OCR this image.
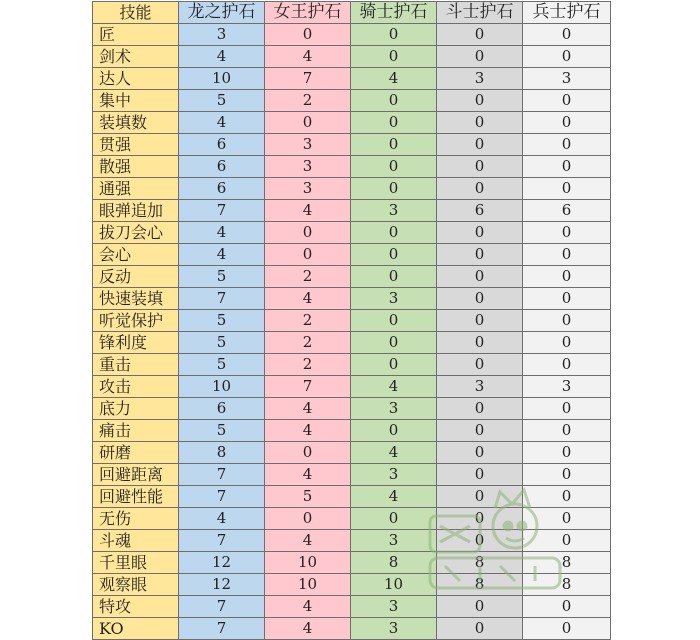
技能	龙之护石	女王护石	骑士护石	斗士护石	兵士护石
匠	3	0	0	0	0
剑术	4	4	0	0	0
达人	10	7	4	3	3
集中	5	2	0	0	0
装填数	4	0	0	0	0
贯强	6	3	0	0	0
散强	6	3	0	0	0
通强	6	3	0	0	0
眼弹追加	7	4	3	6	6
拔刀会心	4	0	0	0	0
会心	4	0	0	0	0
反动	5	2	0	0	0
快速装填	7	4	3	0	0
听觉保护	5	2	0	0	0
锋利度	5	2	0	0	0
重击	5	2	0	0	0
攻击	10	7	4	3	3
底力	6	4	3	0	0
痛击	5	4	0	0	0
研磨	8	0	4	0	0
回避距离	7	4	3	0	0
回避性能	7	5	4	0	0
无伤	4	0	0	0	0
斗魂	7	4	3	0	0
千里眼	12	10	8	8	8
观察眼	12	10	10	8	8
特攻	7	4	3	0	0
KO	7	4	3	0	0
